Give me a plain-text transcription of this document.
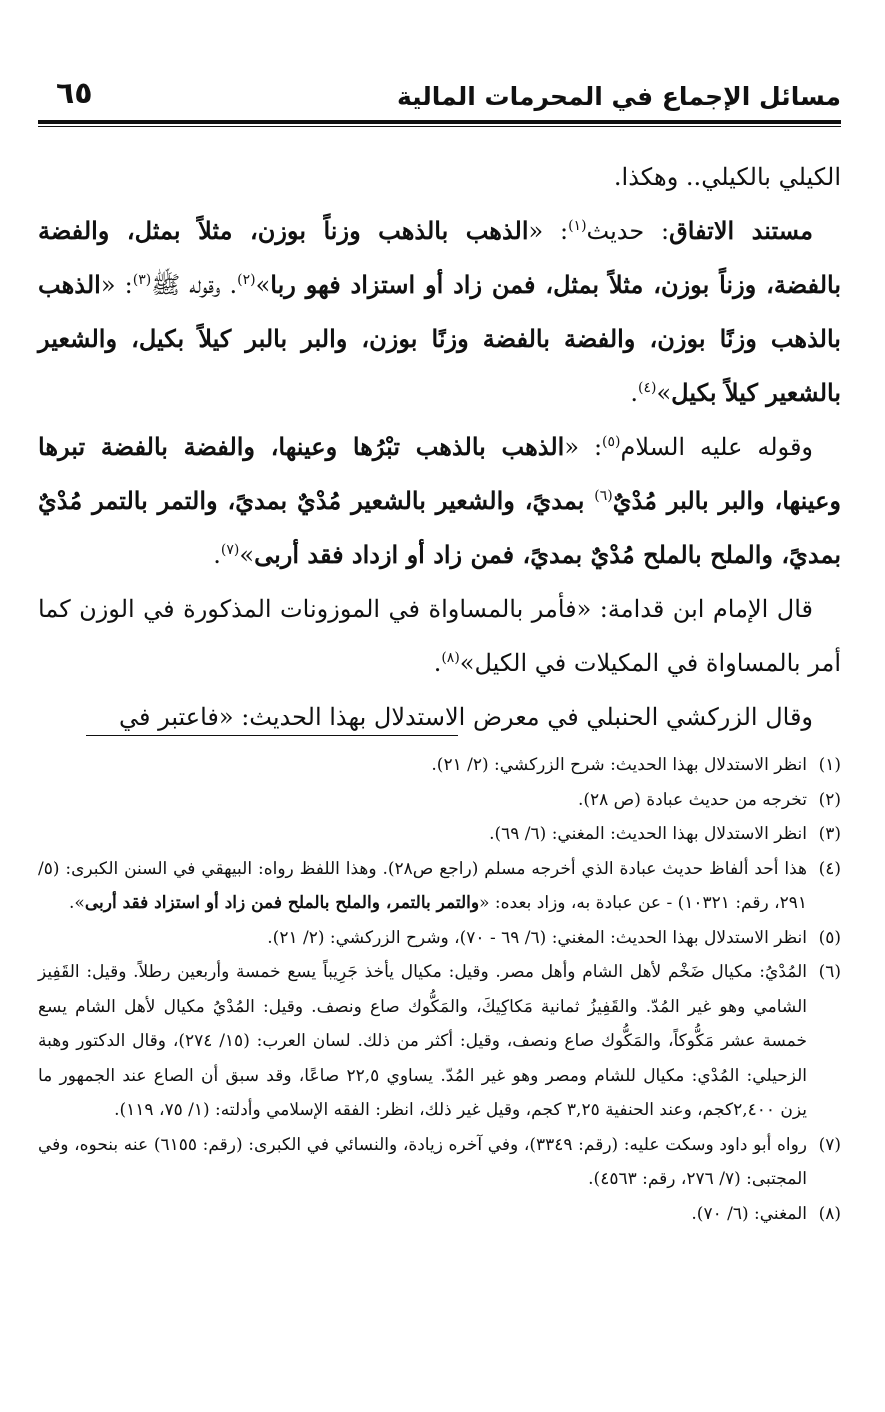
مسائل الإجماع في المحرمات المالية
٦٥

الكيلي بالكيلي.. وهكذا.

مستند الاتفاق: حديث$^{(١)}$: «الذهب بالذهب وزناً بوزن، مثلاً بمثل، والفضة بالفضة، وزناً بوزن، مثلاً بمثل، فمن زاد أو استزاد فهو ربا»$^{(٢)}$. وقوله ﷺ$^{(٣)}$: «الذهب بالذهب وزنًا بوزن، والفضة بالفضة وزنًا بوزن، والبر بالبر كيلاً بكيل، والشعير بالشعير كيلاً بكيل»$^{(٤)}$.

وقوله عليه السلام$^{(٥)}$: «الذهب بالذهب تبْرُها وعينها، والفضة بالفضة تبرها وعينها، والبر بالبر مُدْيٌ$^{(٦)}$ بمديً، والشعير بالشعير مُدْيٌ بمديً، والتمر بالتمر مُدْيٌ بمديً، والملح بالملح مُدْيٌ بمديً، فمن زاد أو ازداد فقد أربى»$^{(٧)}$.

قال الإمام ابن قدامة: «فأمر بالمساواة في الموزونات المذكورة في الوزن كما أمر بالمساواة في المكيلات في الكيل»$^{(٨)}$.

وقال الزركشي الحنبلي في معرض الاستدلال بهذا الحديث: «فاعتبر في

(١)
انظر الاستدلال بهذا الحديث: شرح الزركشي: (٢/ ٢١).
(٢)
تخرجه من حديث عبادة (ص ٢٨).
(٣)
انظر الاستدلال بهذا الحديث: المغني: (٦/ ٦٩).
(٤)
هذا أحد ألفاظ حديث عبادة الذي أخرجه مسلم (راجع ص٢٨). وهذا اللفظ رواه: البيهقي في السنن الكبرى: (٥/ ٢٩١، رقم: ١٠٣٢١) - عن عبادة به، وزاد بعده: «والتمر بالتمر، والملح بالملح فمن زاد أو استزاد فقد أربى».
(٥)
انظر الاستدلال بهذا الحديث: المغني: (٦/ ٦٩ - ٧٠)، وشرح الزركشي: (٢/ ٢١).
(٦)
المُدْيُ: مكيال ضَخْم لأهل الشام وأهل مصر. وقيل: مكيال يأخذ جَرِيباً يسع خمسة وأربعين رطلاً. وقيل: القَفِيز الشامي وهو غير المُدّ. والقَفِيزُ ثمانية مَكاكِيكَ، والمَكُّوك صاع ونصف. وقيل: المُدْيُ مكيال لأهل الشام يسع خمسة عشر مَكُّوكاً، والمَكُّوك صاع ونصف، وقيل: أكثر من ذلك. لسان العرب: (١٥/ ٢٧٤)، وقال الدكتور وهبة الزحيلي: المُدْي: مكيال للشام ومصر وهو غير المُدّ. يساوي ٢٢,٥ صاعًا، وقد سبق أن الصاع عند الجمهور ما يزن ٢,٤٠٠كجم، وعند الحنفية ٣,٢٥ كجم، وقيل غير ذلك، انظر: الفقه الإسلامي وأدلته: (١/ ٧٥، ١١٩).
(٧)
رواه أبو داود وسكت عليه: (رقم: ٣٣٤٩)، وفي آخره زيادة، والنسائي في الكبرى: (رقم: ٦١٥٥) عنه بنحوه، وفي المجتبى: (٧/ ٢٧٦، رقم: ٤٥٦٣).
(٨)
المغني: (٦/ ٧٠).
